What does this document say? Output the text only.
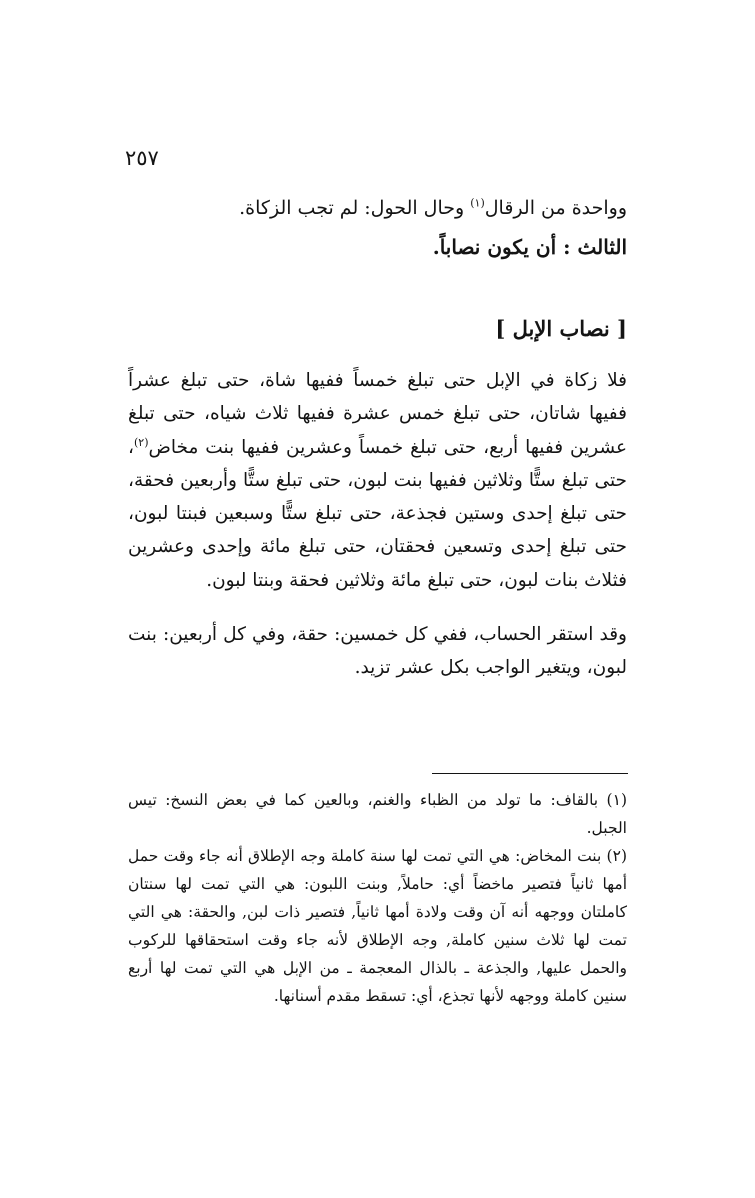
٢٥٧

وواحدة من الرقال$^{(١)}$ وحال الحول: لم تجب الزكاة.

الثالث : أن يكون نصاباً.
[ نصاب الإبل ]

فلا زكاة في الإبل حتى تبلغ خمساً ففيها شاة، حتى تبلغ عشراً ففيها شاتان، حتى تبلغ خمس عشرة ففيها ثلاث شياه، حتى تبلغ عشرين ففيها أربع، حتى تبلغ خمساً وعشرين ففيها بنت مخاض$^{(٢)}$، حتى تبلغ ستًّا وثلاثين ففيها بنت لبون، حتى تبلغ ستًّا وأربعين فحقة، حتى تبلغ إحدى وستين فجذعة، حتى تبلغ ستًّا وسبعين فبنتا لبون، حتى تبلغ إحدى وتسعين فحقتان، حتى تبلغ مائة وإحدى وعشرين فثلاث بنات لبون، حتى تبلغ مائة وثلاثين فحقة وبنتا لبون.

وقد استقر الحساب، ففي كل خمسين: حقة، وفي كل أربعين: بنت لبون، ويتغير الواجب بكل عشر تزيد.

(١) بالقاف: ما تولد من الظباء والغنم، وبالعين كما في بعض النسخ: تيس الجبل.

(٢) بنت المخاض: هي التي تمت لها سنة كاملة وجه الإطلاق أنه جاء وقت حمل أمها ثانياً فتصير ماخضاً أي: حاملاً, وبنت اللبون: هي التي تمت لها سنتان كاملتان ووجهه أنه آن وقت ولادة أمها ثانياً, فتصير ذات لبن, والحقة: هي التي تمت لها ثلاث سنين كاملة, وجه الإطلاق لأنه جاء وقت استحقاقها للركوب والحمل عليها, والجذعة ـ بالذال المعجمة ـ من الإبل هي التي تمت لها أربع سنين كاملة ووجهه لأنها تجذع، أي: تسقط مقدم أسنانها.
